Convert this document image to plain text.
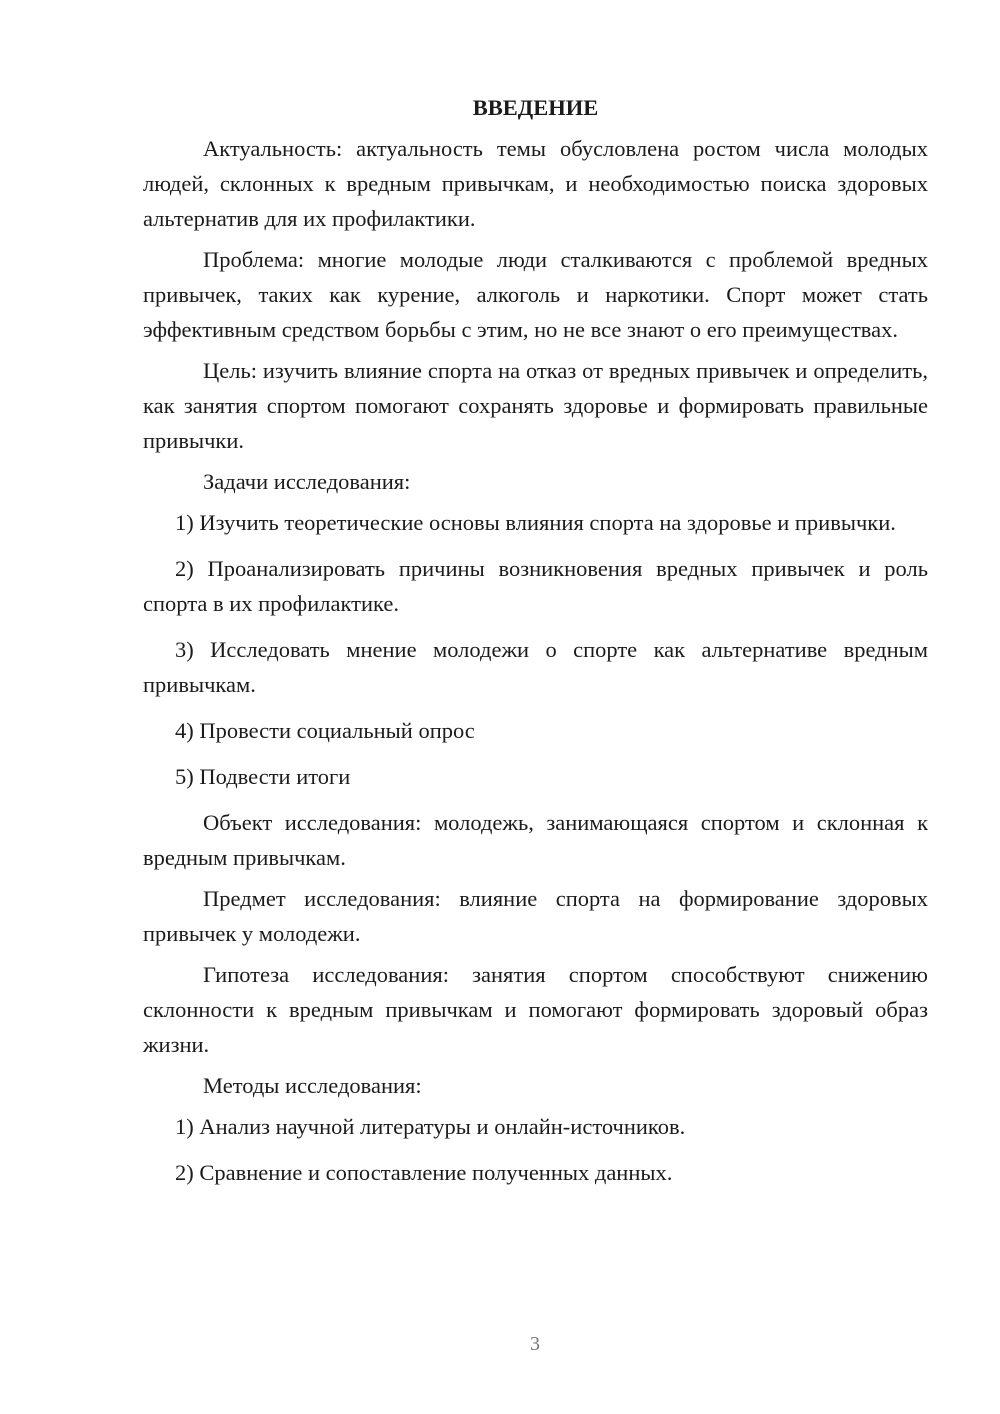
ВВЕДЕНИЕ

Актуальность: актуальность темы обусловлена ростом числа молодых людей, склонных к вредным привычкам, и необходимостью поиска здоровых альтернатив для их профилактики.

Проблема: многие молодые люди сталкиваются с проблемой вредных привычек, таких как курение, алкоголь и наркотики. Спорт может стать эффективным средством борьбы с этим, но не все знают о его преимуществах.

Цель: изучить влияние спорта на отказ от вредных привычек и определить, как занятия спортом помогают сохранять здоровье и формировать правильные привычки.

Задачи исследования:

1) Изучить теоретические основы влияния спорта на здоровье и привычки.

2) Проанализировать причины возникновения вредных привычек и роль спорта в их профилактике.

3) Исследовать мнение молодежи о спорте как альтернативе вредным привычкам.

4) Провести социальный опрос

5) Подвести итоги

Объект исследования: молодежь, занимающаяся спортом и склонная к вредным привычкам.

Предмет исследования: влияние спорта на формирование здоровых привычек у молодежи.

Гипотеза исследования: занятия спортом способствуют снижению склонности к вредным привычкам и помогают формировать здоровый образ жизни.

Методы исследования:

1) Анализ научной литературы и онлайн-источников.

2) Сравнение и сопоставление полученных данных.

3
